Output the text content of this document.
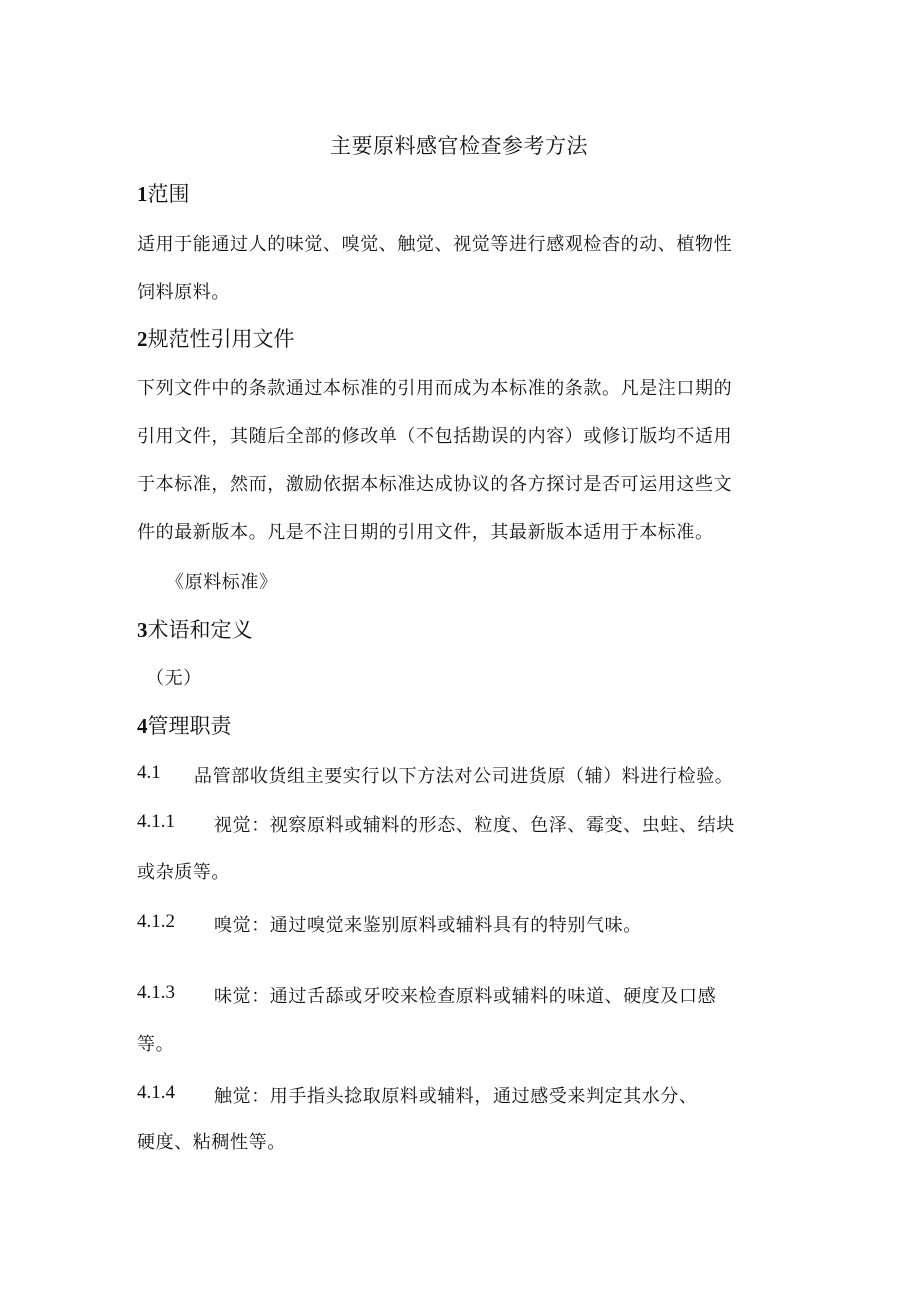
主要原料感官检查参考方法
1范围
适用于能通过人的味觉、嗅觉、触觉、视觉等进行感观检杳的动、植物性
饲料原料。
2规范性引用文件
下列文件中的条款通过本标准的引用而成为本标准的条款。凡是注口期的
引用文件，其随后全部的修改单（不包括勘误的内容）或修订版均不适用
于本标准，然而，激励依据本标准达成协议的各方探讨是否可运用这些文
件的最新版本。凡是不注日期的引用文件，其最新版本适用于本标准。
《原料标准》
3术语和定义
（无）
4管理职责
4.1 品管部收货组主要实行以下方法对公司进货原（辅）料进行检验。
4.1.1 视觉：视察原料或辅料的形态、粒度、色泽、霉变、虫蛀、结块
或杂质等。
4.1.2 嗅觉：通过嗅觉来鉴别原料或辅料具有的特别气味。
4.1.3 味觉：通过舌舔或牙咬来检查原料或辅料的味道、硬度及口感
等。
4.1.4 触觉：用手指头捻取原料或辅料，通过感受来判定其水分、
硬度、粘稠性等。
